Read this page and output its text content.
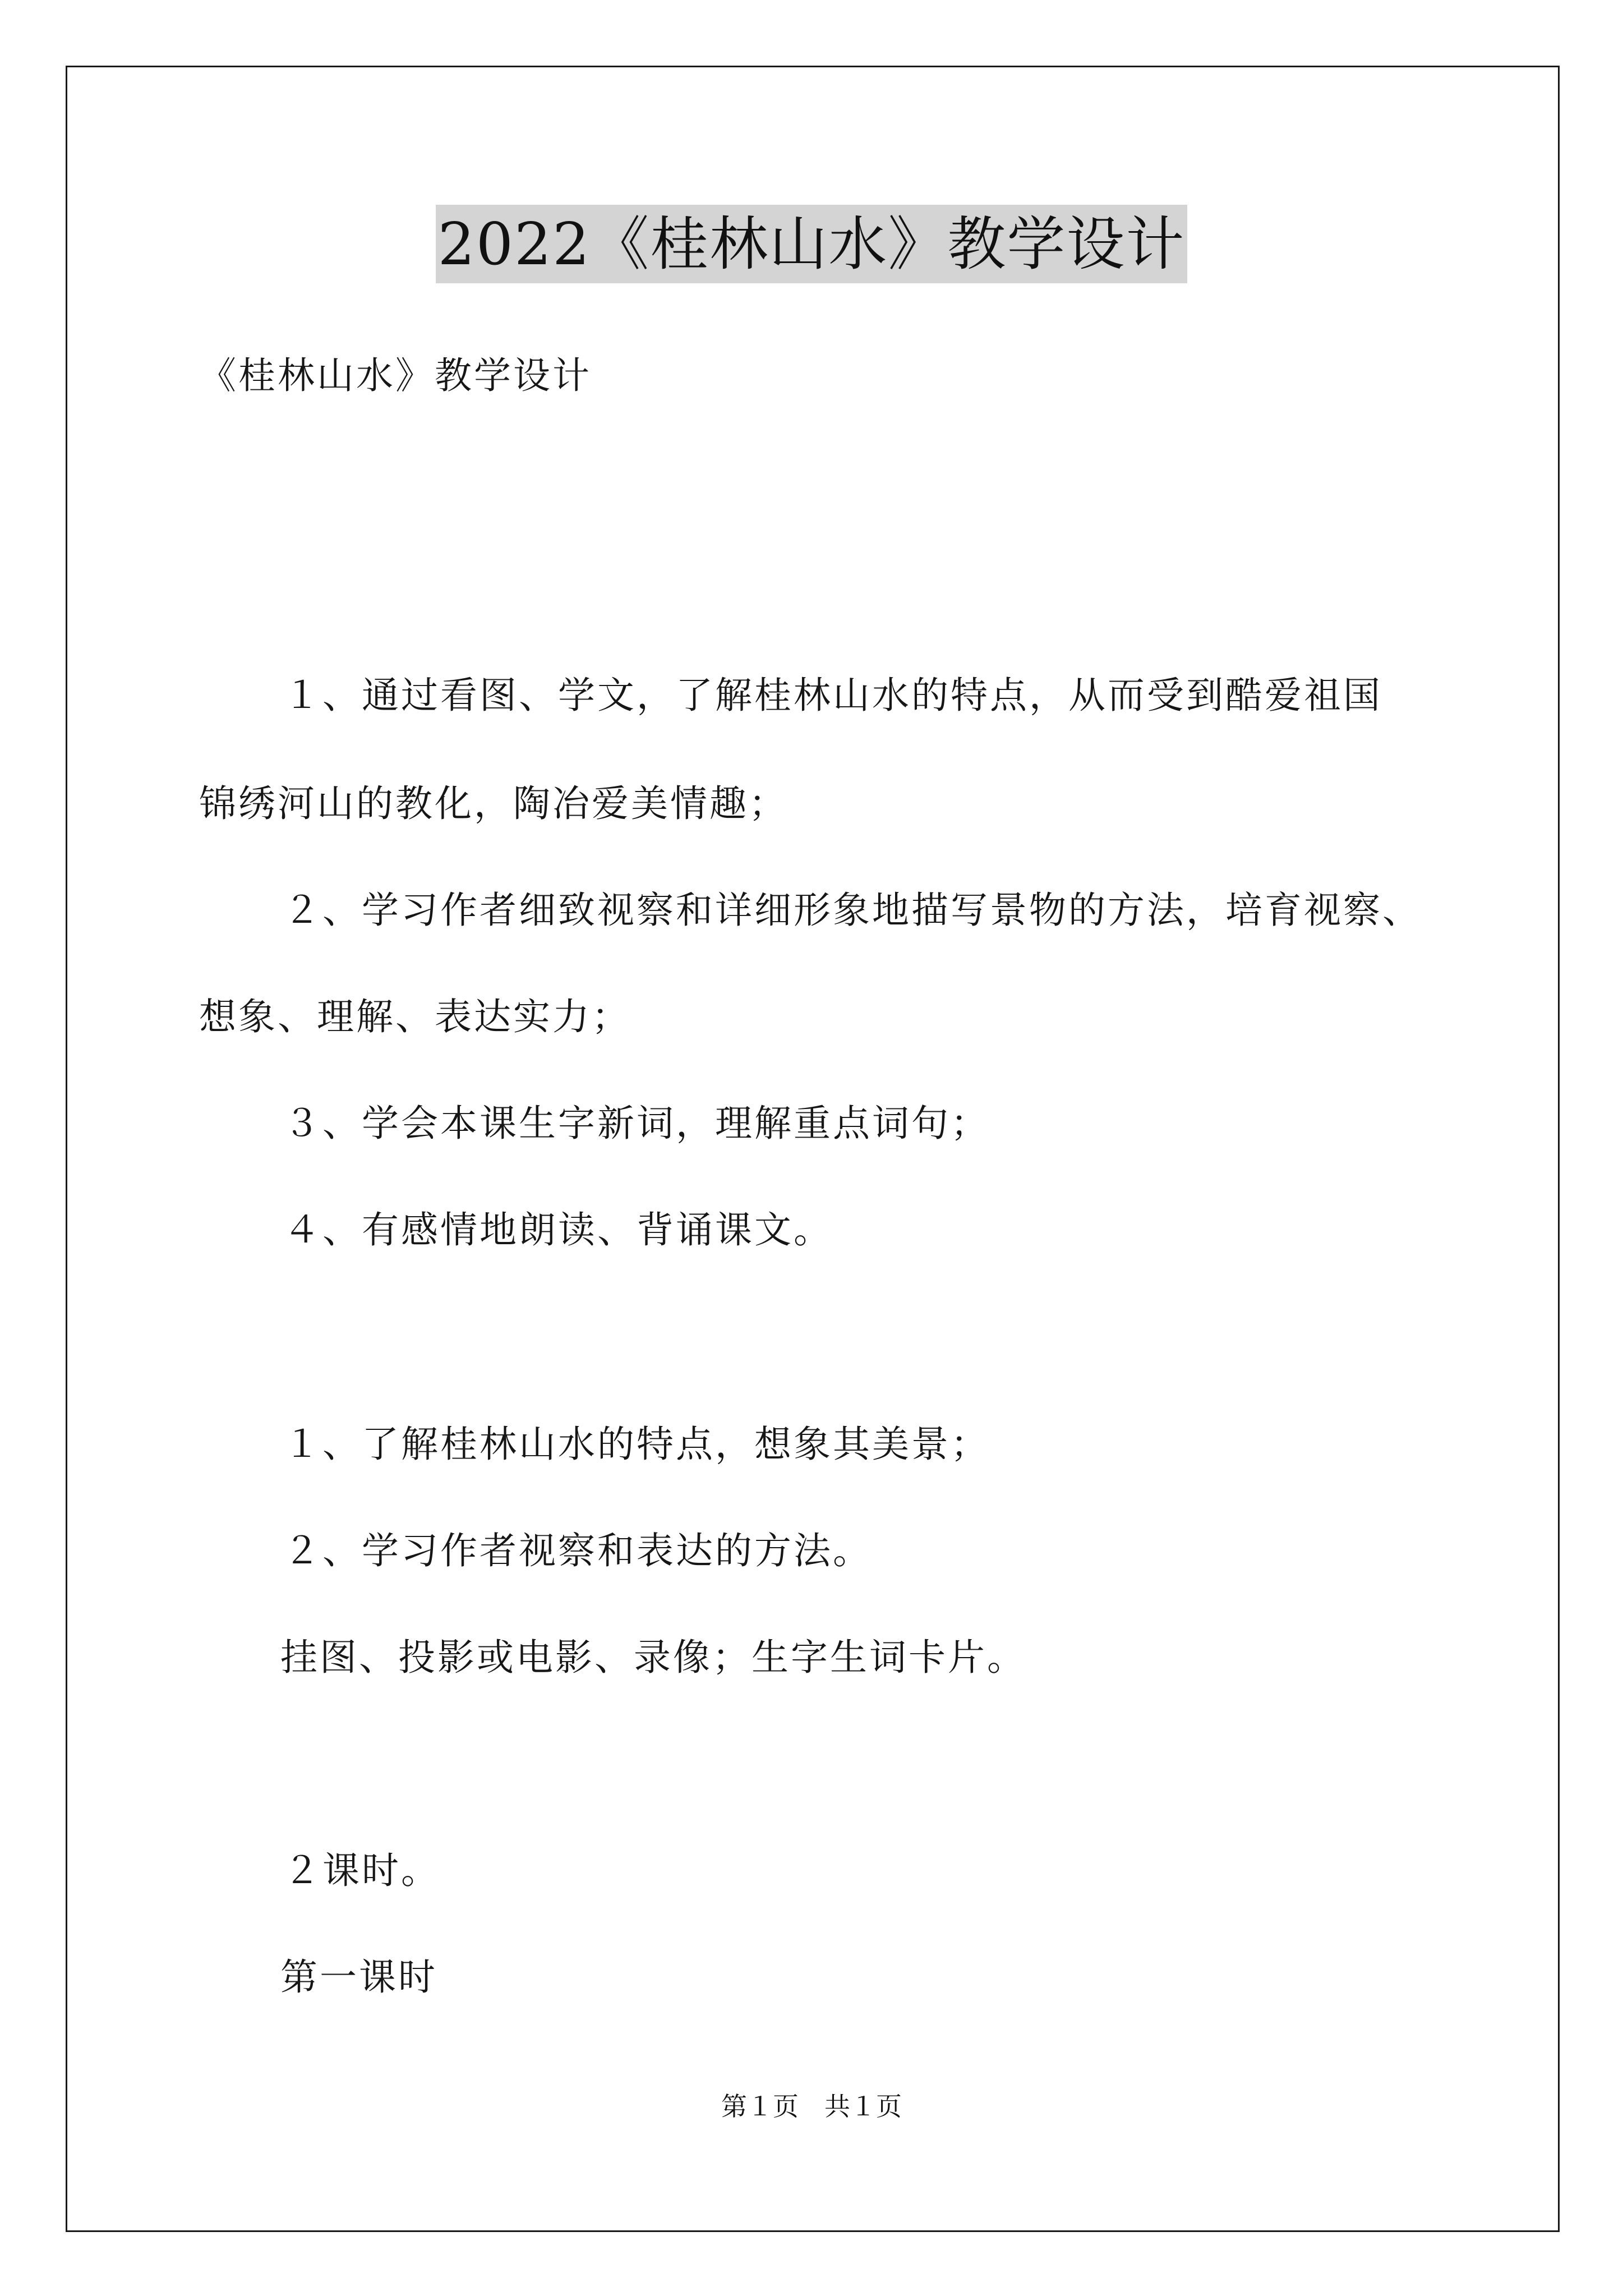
2022《桂林山水》教学设计
《桂林山水》教学设计
１、通过看图、学文，了解桂林山水的特点，从而受到酷爱祖国
锦绣河山的教化，陶冶爱美情趣；
２、学习作者细致视察和详细形象地描写景物的方法，培育视察、
想象、理解、表达实力；
３、学会本课生字新词，理解重点词句；
４、有感情地朗读、背诵课文。
１、了解桂林山水的特点，想象其美景；
２、学习作者视察和表达的方法。
挂图、投影或电影、录像；生字生词卡片。
２课时。
第一课时
第１页　共１页
